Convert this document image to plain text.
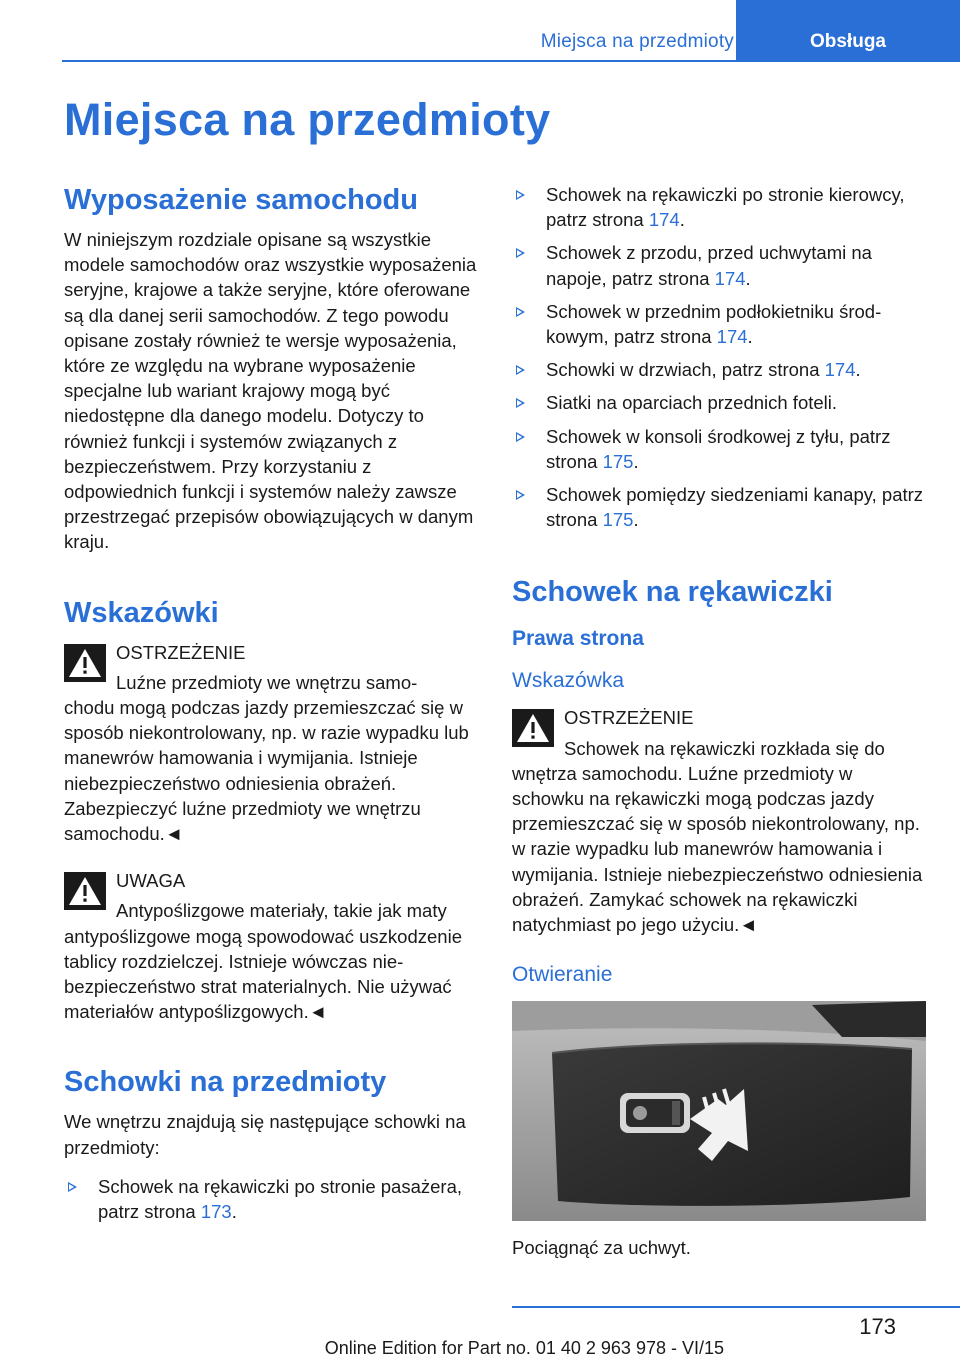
Miejsca na przedmioty	Obsługa
Miejsca na przedmioty
Wyposażenie samochodu

W niniejszym rozdziale opisane są wszystkie modele samochodów oraz wszystkie wyposażenia seryjne, krajowe a także seryjne, które oferowane są dla danej serii samochodów. Z tego powodu opisane zostały również te wersje wyposażenia, które ze względu na wybrane wyposażenie specjalne lub wariant krajowy mogą być niedostępne dla danego modelu. Dotyczy to również funkcji i systemów związanych z bezpieczeństwem. Przy korzystaniu z odpowiednich funkcji i systemów należy zawsze przestrzegać przepisów obowiązujących w danym kraju.

Wskazówki
OSTRZEŻENIE
Luźne przedmioty we wnętrzu samo-
chodu mogą podczas jazdy przemieszczać się w sposób niekontrolowany, np. w razie wypadku lub manewrów hamowania i wymijania. Istnieje niebezpieczeństwo odniesienia obrażeń. Zabezpieczyć luźne przedmioty we wnętrzu samochodu.◄
UWAGA
Antypoślizgowe materiały, takie jak maty
antypoślizgowe mogą spowodować uszkodzenie tablicy rozdzielczej. Istnieje wówczas niebezpieczeństwo strat materialnych. Nie używać materiałów antypoślizgowych.◄
Schowki na przedmioty

We wnętrzu znajdują się następujące schowki na przedmioty:

Schowek na rękawiczki po stronie pasażera, patrz strona 173.
Schowek na rękawiczki po stronie kierowcy, patrz strona 174.
Schowek z przodu, przed uchwytami na napoje, patrz strona 174.
Schowek w przednim podłokietniku środkowym, patrz strona 174.
Schowki w drzwiach, patrz strona 174.
Siatki na oparciach przednich foteli.
Schowek w konsoli środkowej z tyłu, patrz strona 175.
Schowek pomiędzy siedzeniami kanapy, patrz strona 175.
Schowek na rękawiczki
Prawa strona
Wskazówka
OSTRZEŻENIE
Schowek na rękawiczki rozkłada się do
wnętrza samochodu. Luźne przedmioty w schowku na rękawiczki mogą podczas jazdy przemieszczać się w sposób niekontrolowany, np. w razie wypadku lub manewrów hamowania i wymijania. Istnieje niebezpieczeństwo odniesienia obrażeń. Zamykać schowek na rękawiczki natychmiast po jego użyciu.◄
Otwieranie

Pociągnąć za uchwyt.

173
Online Edition for Part no. 01 40 2 963 978 - VI/15
